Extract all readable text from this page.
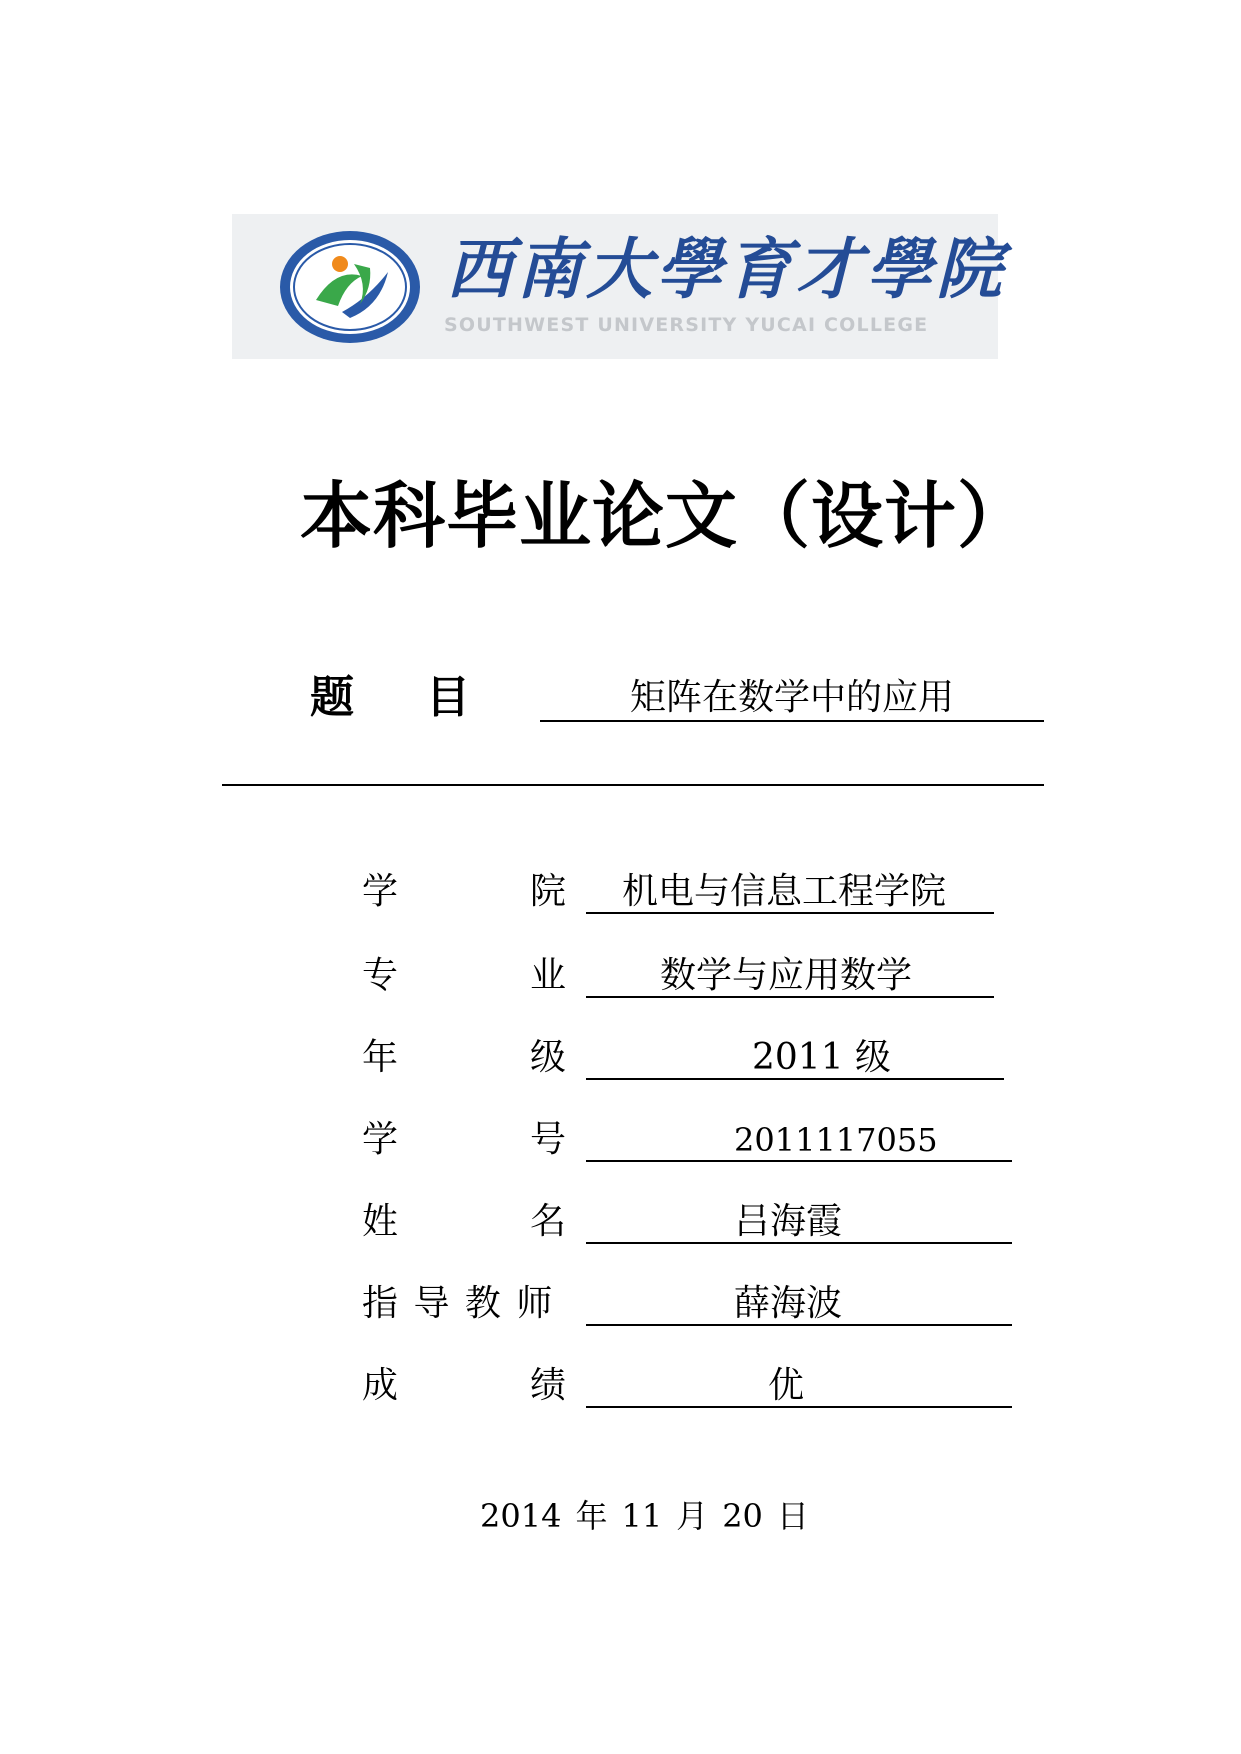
西南大學育才學院
SOUTHWEST UNIVERSITY YUCAI COLLEGE
本科毕业论文（设计）
题 目	矩阵在数学中的应用
学	院 机电与信息工程学院
专	业	数学与应用数学
年	级	2011 级
学	号	2011117055
姓	名	吕海霞
指 导 教 师	薛海波
成	绩	优
2014 年 11 月 20 日
